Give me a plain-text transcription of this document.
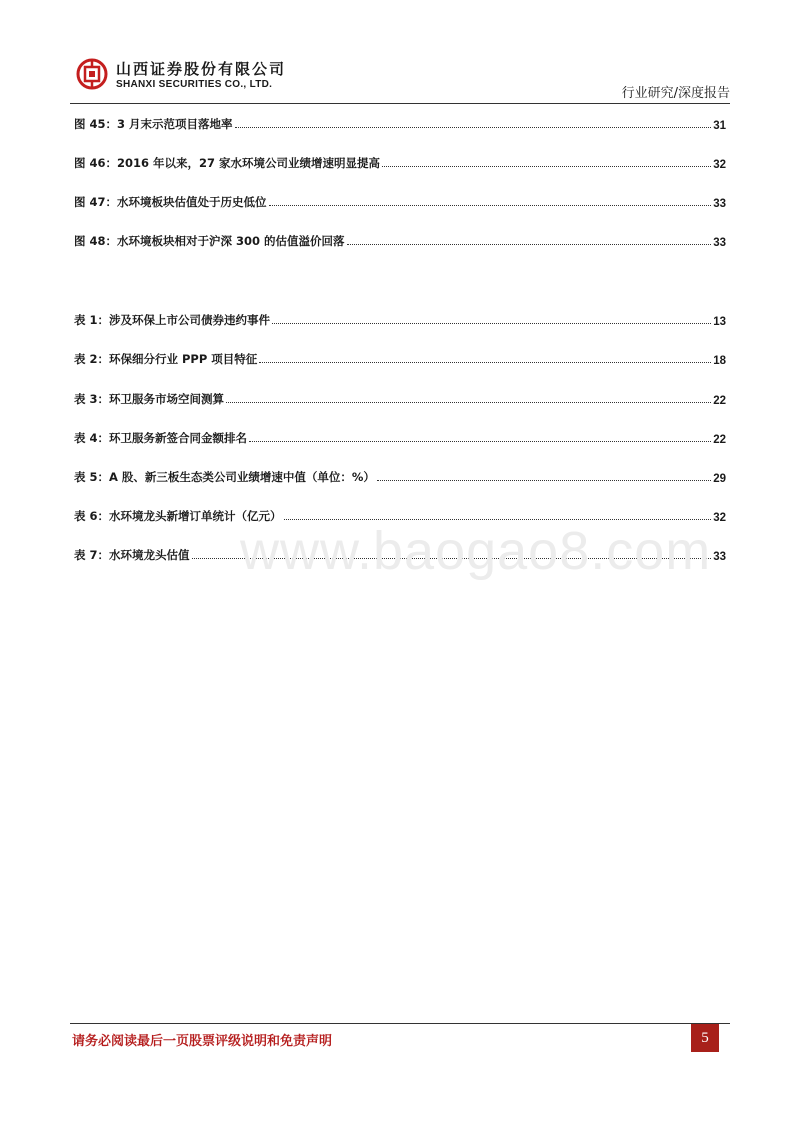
山西证券股份有限公司
SHANXI SECURITIES CO., LTD.
行业研究/深度报告
图 45：3 月末示范项目落地率	31
图 46：2016 年以来，27 家水环境公司业绩增速明显提高	32
图 47：水环境板块估值处于历史低位	33
图 48：水环境板块相对于沪深 300 的估值溢价回落	33
表 1：涉及环保上市公司债券违约事件	13
表 2：环保细分行业 PPP 项目特征	18
表 3：环卫服务市场空间测算	22
表 4：环卫服务新签合同金额排名	22
表 5：A 股、新三板生态类公司业绩增速中值（单位：%）	29
表 6：水环境龙头新增订单统计（亿元）	32
表 7：水环境龙头估值	33
www.baogao8.com
请务必阅读最后一页股票评级说明和免责声明	5
